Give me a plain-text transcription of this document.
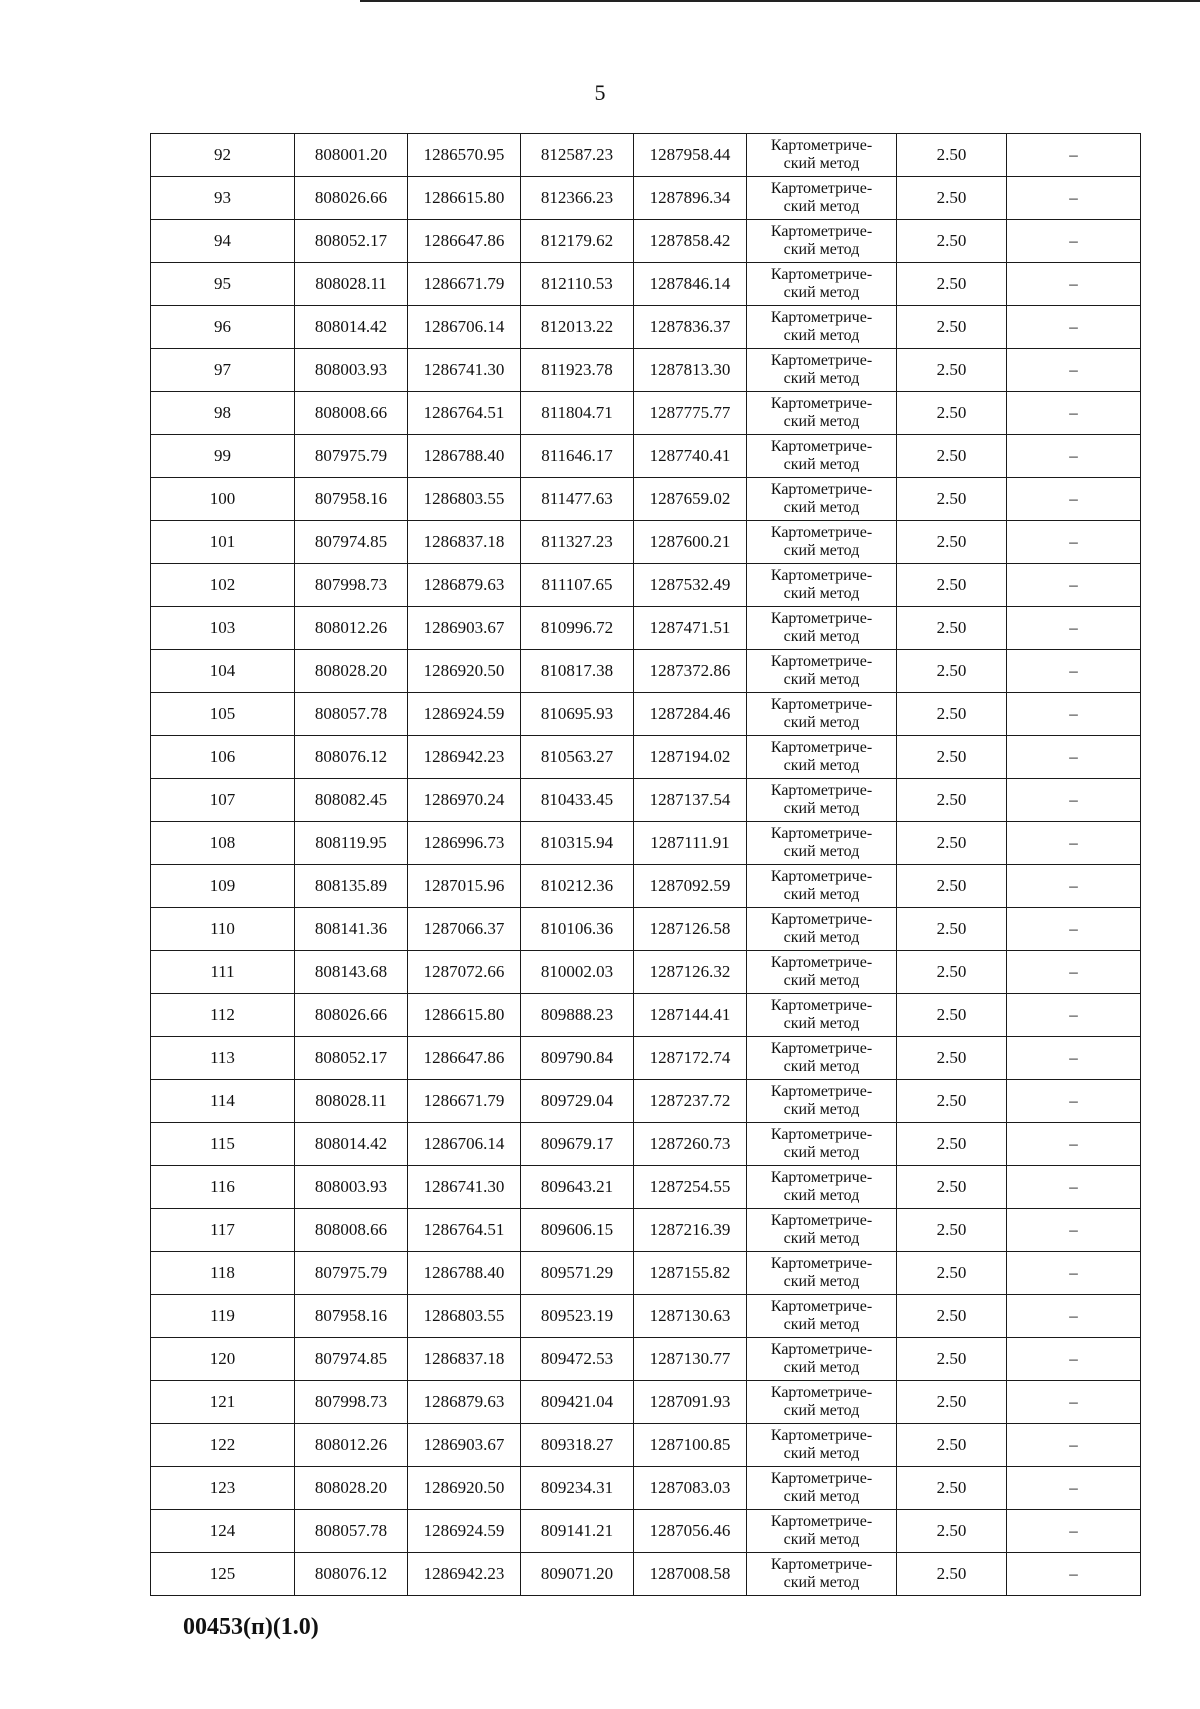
5
92	808001.20	1286570.95	812587.23	1287958.44	Картометриче-
ский метод	2.50	–
93	808026.66	1286615.80	812366.23	1287896.34	Картометриче-
ский метод	2.50	–
94	808052.17	1286647.86	812179.62	1287858.42	Картометриче-
ский метод	2.50	–
95	808028.11	1286671.79	812110.53	1287846.14	Картометриче-
ский метод	2.50	–
96	808014.42	1286706.14	812013.22	1287836.37	Картометриче-
ский метод	2.50	–
97	808003.93	1286741.30	811923.78	1287813.30	Картометриче-
ский метод	2.50	–
98	808008.66	1286764.51	811804.71	1287775.77	Картометриче-
ский метод	2.50	–
99	807975.79	1286788.40	811646.17	1287740.41	Картометриче-
ский метод	2.50	–
100	807958.16	1286803.55	811477.63	1287659.02	Картометриче-
ский метод	2.50	–
101	807974.85	1286837.18	811327.23	1287600.21	Картометриче-
ский метод	2.50	–
102	807998.73	1286879.63	811107.65	1287532.49	Картометриче-
ский метод	2.50	–
103	808012.26	1286903.67	810996.72	1287471.51	Картометриче-
ский метод	2.50	–
104	808028.20	1286920.50	810817.38	1287372.86	Картометриче-
ский метод	2.50	–
105	808057.78	1286924.59	810695.93	1287284.46	Картометриче-
ский метод	2.50	–
106	808076.12	1286942.23	810563.27	1287194.02	Картометриче-
ский метод	2.50	–
107	808082.45	1286970.24	810433.45	1287137.54	Картометриче-
ский метод	2.50	–
108	808119.95	1286996.73	810315.94	1287111.91	Картометриче-
ский метод	2.50	–
109	808135.89	1287015.96	810212.36	1287092.59	Картометриче-
ский метод	2.50	–
110	808141.36	1287066.37	810106.36	1287126.58	Картометриче-
ский метод	2.50	–
111	808143.68	1287072.66	810002.03	1287126.32	Картометриче-
ский метод	2.50	–
112	808026.66	1286615.80	809888.23	1287144.41	Картометриче-
ский метод	2.50	–
113	808052.17	1286647.86	809790.84	1287172.74	Картометриче-
ский метод	2.50	–
114	808028.11	1286671.79	809729.04	1287237.72	Картометриче-
ский метод	2.50	–
115	808014.42	1286706.14	809679.17	1287260.73	Картометриче-
ский метод	2.50	–
116	808003.93	1286741.30	809643.21	1287254.55	Картометриче-
ский метод	2.50	–
117	808008.66	1286764.51	809606.15	1287216.39	Картометриче-
ский метод	2.50	–
118	807975.79	1286788.40	809571.29	1287155.82	Картометриче-
ский метод	2.50	–
119	807958.16	1286803.55	809523.19	1287130.63	Картометриче-
ский метод	2.50	–
120	807974.85	1286837.18	809472.53	1287130.77	Картометриче-
ский метод	2.50	–
121	807998.73	1286879.63	809421.04	1287091.93	Картометриче-
ский метод	2.50	–
122	808012.26	1286903.67	809318.27	1287100.85	Картометриче-
ский метод	2.50	–
123	808028.20	1286920.50	809234.31	1287083.03	Картометриче-
ский метод	2.50	–
124	808057.78	1286924.59	809141.21	1287056.46	Картометриче-
ский метод	2.50	–
125	808076.12	1286942.23	809071.20	1287008.58	Картометриче-
ский метод	2.50	–
00453(п)(1.0)
